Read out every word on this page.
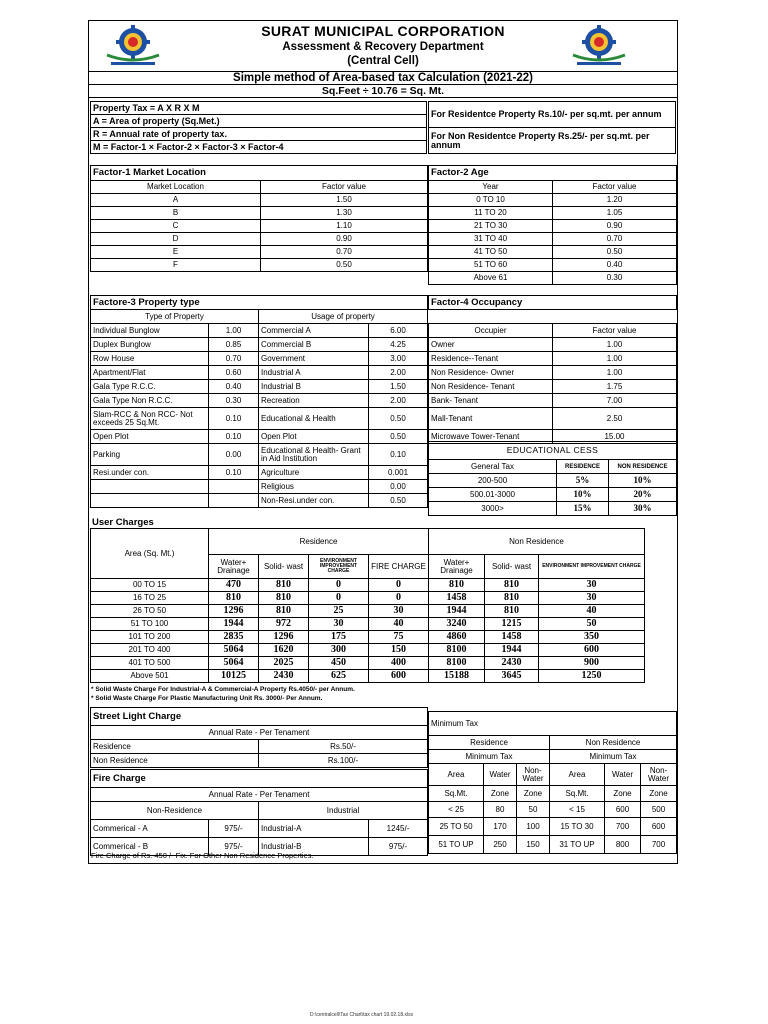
SURAT MUNICIPAL CORPORATION
Assessment & Recovery Department
(Central Cell)
Simple method of Area-based tax Calculation (2021-22)
Sq.Feet ÷ 10.76 = Sq. Mt.
Property Tax = A X R X M
A = Area of property (Sq.Met.)
R = Annual rate of property tax.
M = Factor-1 × Factor-2 × Factor-3 × Factor-4
For Residentce Property Rs.10/- per sq.mt. per annum
For Non Residentce Property Rs.25/- per sq.mt. per annum
Factor-1 Market Location	
Market Location	Factor value
A	1.50
B	1.30
C	1.10
D	0.90
E	0.70
F	0.50
Factor-2 Age	
Year	Factor value
0 TO 10	1.20
11 TO 20	1.05
21 TO 30	0.90
31 TO 40	0.70
41 TO 50	0.50
51 TO 60	0.40
Above 61	0.30
Factore-3 Property type			
Type of Property		Usage of property	
Individual Bunglow	1.00	Commercial A	6.00
Duplex Bunglow	0.85	Commercial B	4.25
Row House	0.70	Government	3.00
Apartment/Flat	0.60	Industrial A	2.00
Gala Type R.C.C.	0.40	Industrial B	1.50
Gala Type Non R.C.C.	0.30	Recreation	2.00
Slam-RCC & Non RCC- Not exceeds 25 Sq.Mt.	0.10	Educational & Health	0.50
Open Plot	0.10	Open Plot	0.50
Parking	0.00	Educational & Health- Grant in Aid Institution	0.10
Resi.under con.	0.10	Agriculture	0.001
		Religious	0.00
		Non-Resi.under con.	0.50
Factor-4 Occupancy	

Occupier	Factor value
Owner	1.00
Residence--Tenant	1.00
Non Residence- Owner	1.00
Non Residence- Tenant	1.75
Bank- Tenant	7.00
Mall-Tenant	2.50
Microwave Tower-Tenant	15.00
EDUCATIONAL CESS		
General Tax	RESIDENCE	NON RESIDENCE
200-500	5%	10%
500.01-3000	10%	20%
3000>	15%	30%
User Charges
Area (Sq. Mt.)	Residence				Non Residence		
	Water+ Drainage	Solid- wast	ENVIRONMENT IMPROVEMENT CHARGE	FIRE CHARGE	Water+ Drainage	Solid- wast	ENVIRONMENT IMPROVEMENT CHARGE
00 TO 15	470	810	0	0	810	810	30
16 TO 25	810	810	0	0	1458	810	30
26 TO 50	1296	810	25	30	1944	810	40
51 TO 100	1944	972	30	40	3240	1215	50
101 TO 200	2835	1296	175	75	4860	1458	350
201 TO 400	5064	1620	300	150	8100	1944	600
401 TO 500	5064	2025	450	400	8100	2430	900
Above 501	10125	2430	625	600	15188	3645	1250
* Solid Waste Charge For Industrial-A & Commercial-A Property Rs.4050/- per Annum.
* Solid Waste Charge For Plastic Manufacturing Unit Rs. 3000/- Per Annum.
Street Light Charge	
Annual Rate - Per Tenament	
Residence	Rs.50/-
Non Residence	Rs.100/-
Fire Charge			
Annual Rate - Per Tenament			
Non-Residence		Industrial	
Commerical - A	975/-	Industrial-A	1245/-
Commerical - B	975/-	Industrial-B	975/-
Fire Charge of Rs. 450 /- Fix. For Other Non Residence Properties.
Minimum Tax					
Residence			Non Residence		
Minimum Tax			Minimum Tax		
Area	Water	Non-Water	Area	Water	Non-Water
Sq.Mt.	Zone	Zone	Sq.Mt.	Zone	Zone
< 25	80	50	< 15	600	500
25 TO 50	170	100	15 TO 30	700	600
51 TO UP	250	150	31 TO UP	800	700
D:\centralcell\Tax Chart\tax chart 19.02.18.xlsx
